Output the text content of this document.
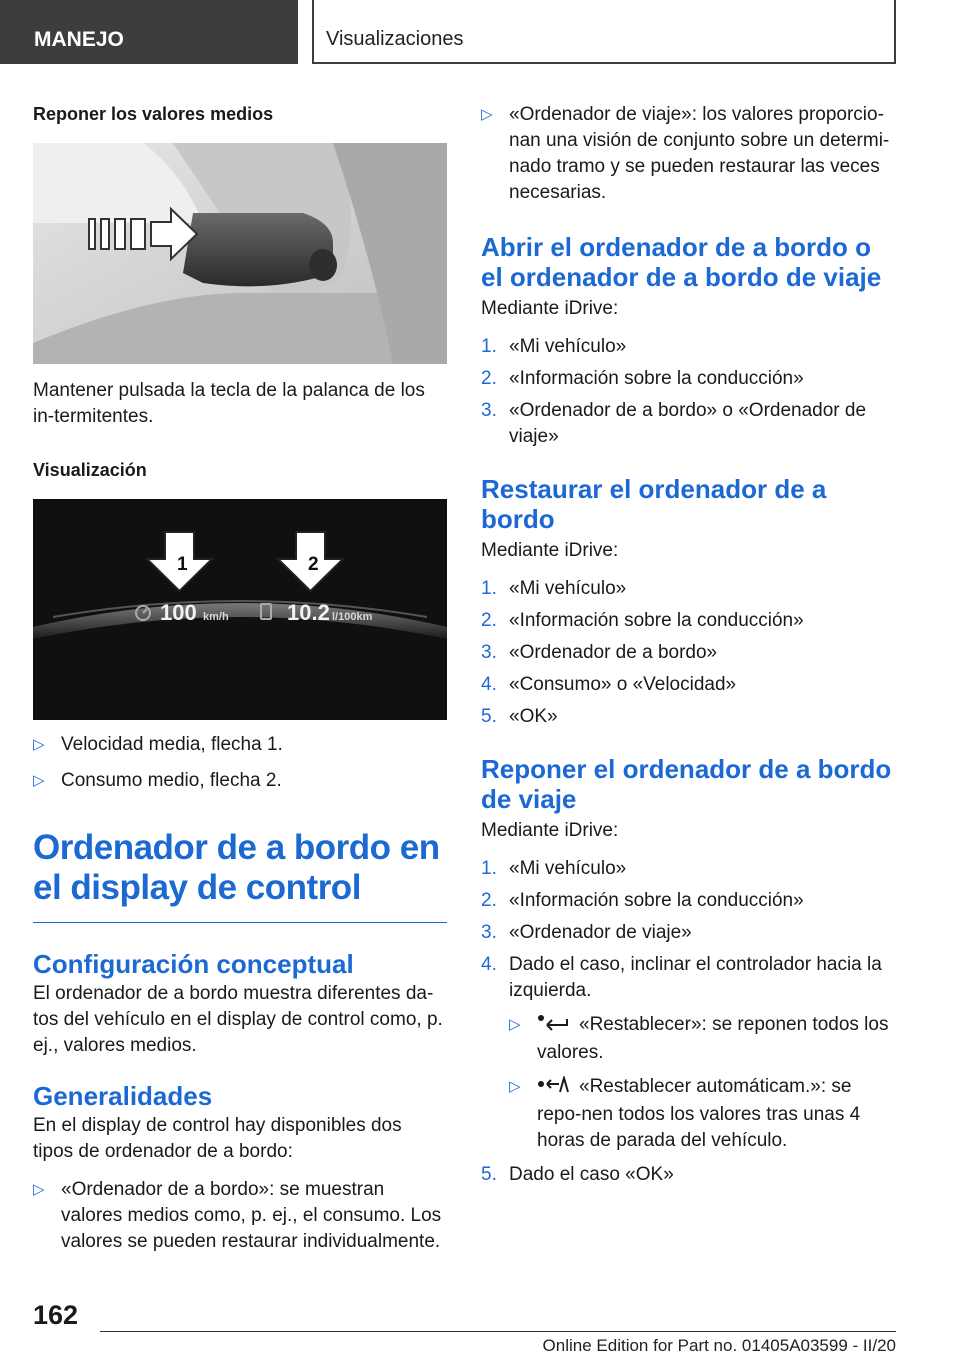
MANEJO	Visualizaciones

Reponer los valores medios

Mantener pulsada la tecla de la palanca de los in-termitentes.

Visualización

1	2
100 km/h	10.2 l/100km
▷ Velocidad media, flecha 1.
▷ Consumo medio, flecha 2.

Ordenador de a bordo en el display de control

Configuración conceptual

El ordenador de a bordo muestra diferentes da-tos del vehículo en el display de control como, p. ej., valores medios.

Generalidades

En el display de control hay disponibles dos tipos de ordenador de a bordo:

▷ «Ordenador de a bordo»: se muestran valores medios como, p. ej., el consumo. Los valores se pueden restaurar individualmente.
▷ «Ordenador de viaje»: los valores proporcio-nan una visión de conjunto sobre un determi-nado tramo y se pueden restaurar las veces necesarias.

Abrir el ordenador de a bordo o el ordenador de a bordo de viaje

Mediante iDrive:

1. «Mi vehículo»
2. «Información sobre la conducción»
3. «Ordenador de a bordo» o «Ordenador de viaje»

Restaurar el ordenador de a bordo

Mediante iDrive:

1. «Mi vehículo»
2. «Información sobre la conducción»
3. «Ordenador de a bordo»
4. «Consumo» o «Velocidad»
5. «OK»

Reponer el ordenador de a bordo de viaje

Mediante iDrive:

1. «Mi vehículo»
2. «Información sobre la conducción»
3. «Ordenador de viaje»
4. Dado el caso, inclinar el controlador hacia la izquierda.
▷	«Restablecer»: se reponen todos los valores.
▷	«Restablecer automáticam.»: se repo-nen todos los valores tras unas 4 horas de parada del vehículo.
5. Dado el caso «OK»
162
Online Edition for Part no. 01405A03599 - II/20
